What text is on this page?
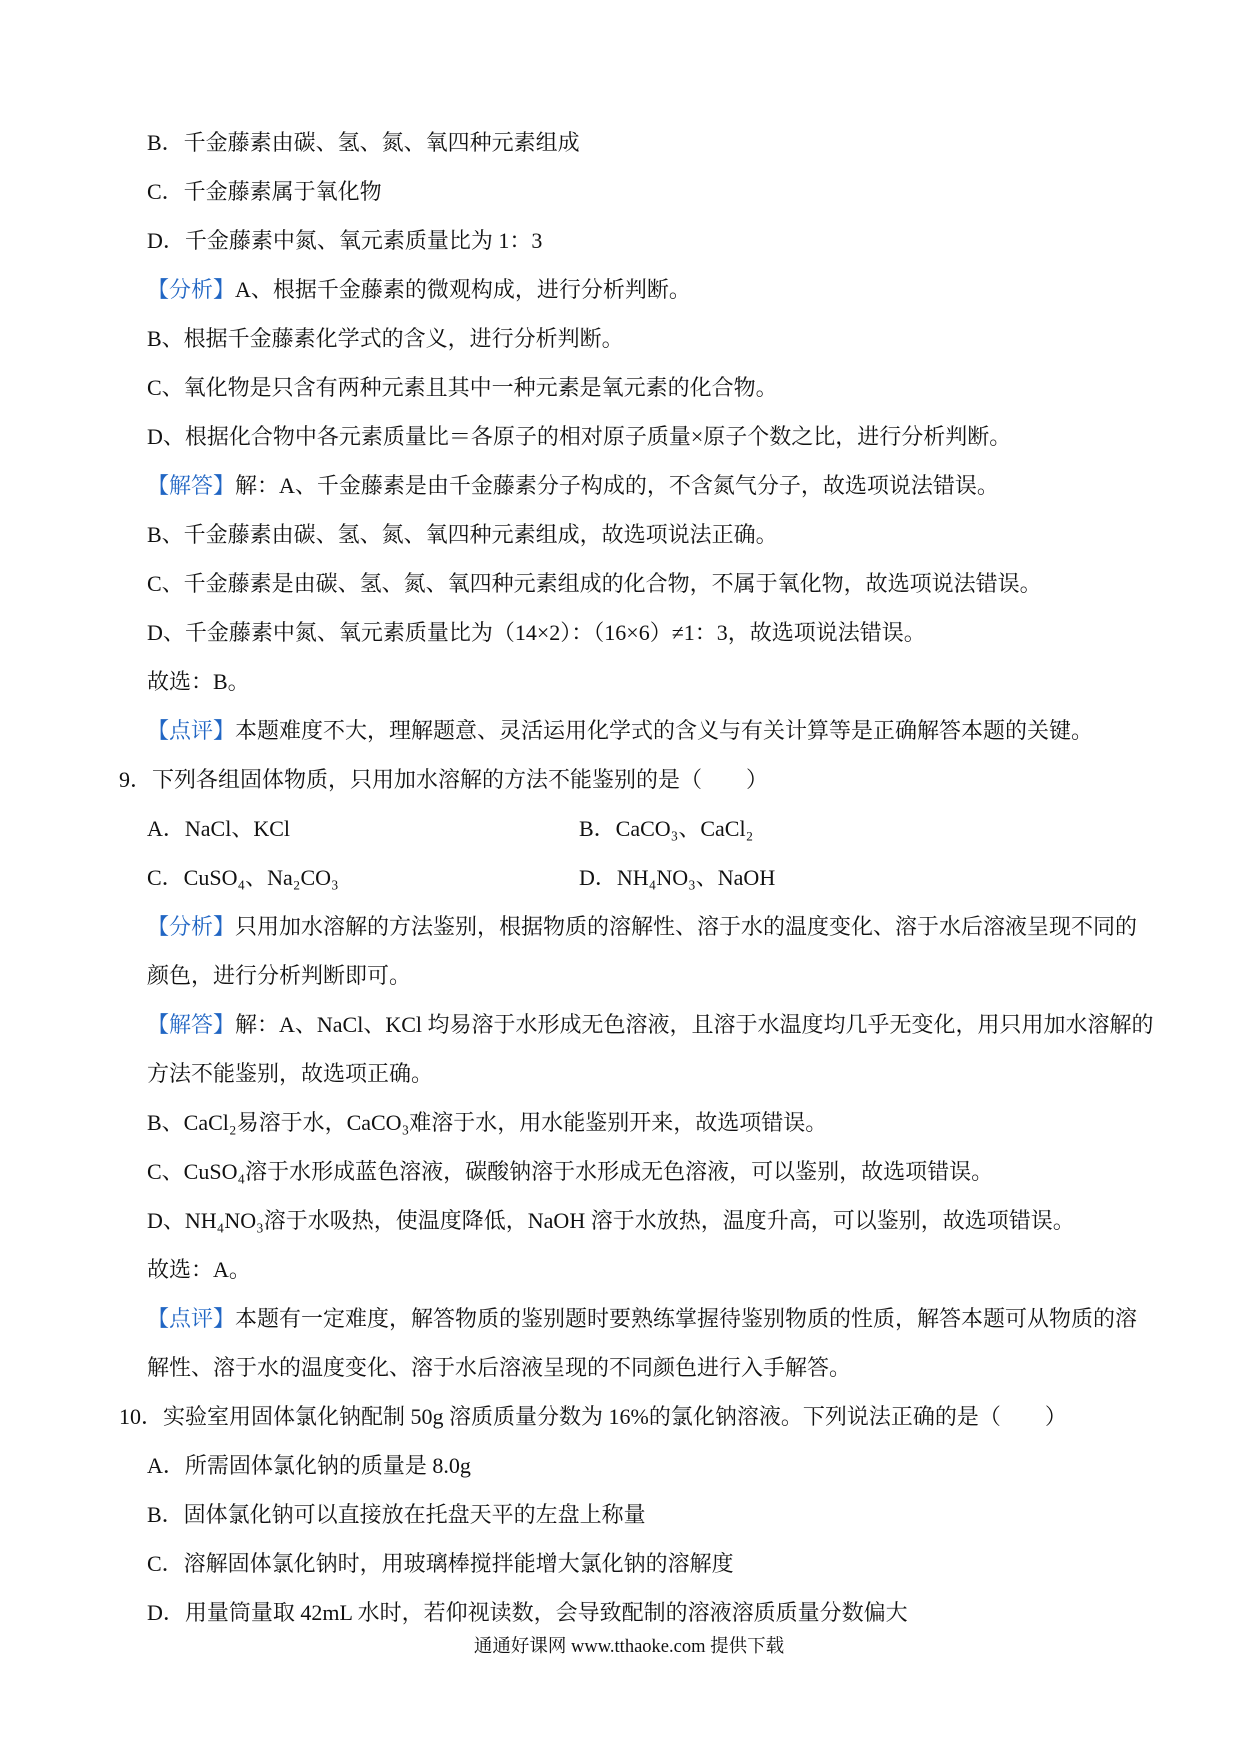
B．千金藤素由碳、氢、氮、氧四种元素组成
C．千金藤素属于氧化物
D．千金藤素中氮、氧元素质量比为 1：3
【分析】A、根据千金藤素的微观构成，进行分析判断。
B、根据千金藤素化学式的含义，进行分析判断。
C、氧化物是只含有两种元素且其中一种元素是氧元素的化合物。
D、根据化合物中各元素质量比＝各原子的相对原子质量×原子个数之比，进行分析判断。
【解答】解：A、千金藤素是由千金藤素分子构成的，不含氮气分子，故选项说法错误。
B、千金藤素由碳、氢、氮、氧四种元素组成，故选项说法正确。
C、千金藤素是由碳、氢、氮、氧四种元素组成的化合物，不属于氧化物，故选项说法错误。
D、千金藤素中氮、氧元素质量比为（14×2）：（16×6）≠1：3，故选项说法错误。
故选：B。
【点评】本题难度不大，理解题意、灵活运用化学式的含义与有关计算等是正确解答本题的关键。
9．下列各组固体物质，只用加水溶解的方法不能鉴别的是（　　）
A．NaCl、KCl	B．CaCO₃、CaCl₂
C．CuSO₄、Na₂CO₃	D．NH₄NO₃、NaOH
【分析】只用加水溶解的方法鉴别，根据物质的溶解性、溶于水的温度变化、溶于水后溶液呈现不同的
颜色，进行分析判断即可。
【解答】解：A、NaCl、KCl 均易溶于水形成无色溶液，且溶于水温度均几乎无变化，用只用加水溶解的
方法不能鉴别，故选项正确。
B、CaCl₂易溶于水，CaCO₃难溶于水，用水能鉴别开来，故选项错误。
C、CuSO₄溶于水形成蓝色溶液，碳酸钠溶于水形成无色溶液，可以鉴别，故选项错误。
D、NH₄NO₃溶于水吸热，使温度降低，NaOH 溶于水放热，温度升高，可以鉴别，故选项错误。
故选：A。
【点评】本题有一定难度，解答物质的鉴别题时要熟练掌握待鉴别物质的性质，解答本题可从物质的溶
解性、溶于水的温度变化、溶于水后溶液呈现的不同颜色进行入手解答。
10．实验室用固体氯化钠配制 50g 溶质质量分数为 16%的氯化钠溶液。下列说法正确的是（　　）
A．所需固体氯化钠的质量是 8.0g
B．固体氯化钠可以直接放在托盘天平的左盘上称量
C．溶解固体氯化钠时，用玻璃棒搅拌能增大氯化钠的溶解度
D．用量筒量取 42mL 水时，若仰视读数，会导致配制的溶液溶质质量分数偏大
通通好课网 www.tthaoke.com 提供下载
